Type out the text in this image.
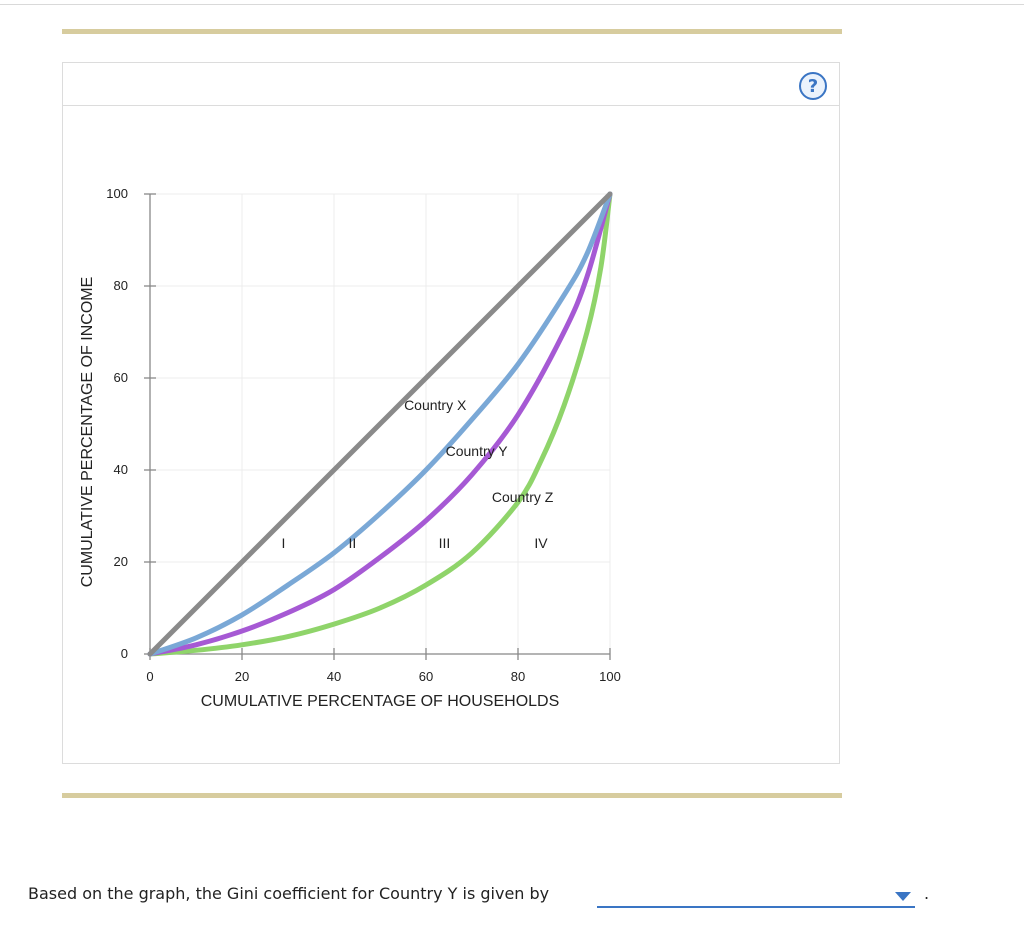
?
0	20	40	60	80	100
0
20
40
60
80
100
Country X
Country Y
Country Z
I	II	III	IV
CUMULATIVE PERCENTAGE OF HOUSEHOLDS
CUMULATIVE PERCENTAGE OF INCOME
Based on the graph, the Gini coefficient for Country Y is given by	.
